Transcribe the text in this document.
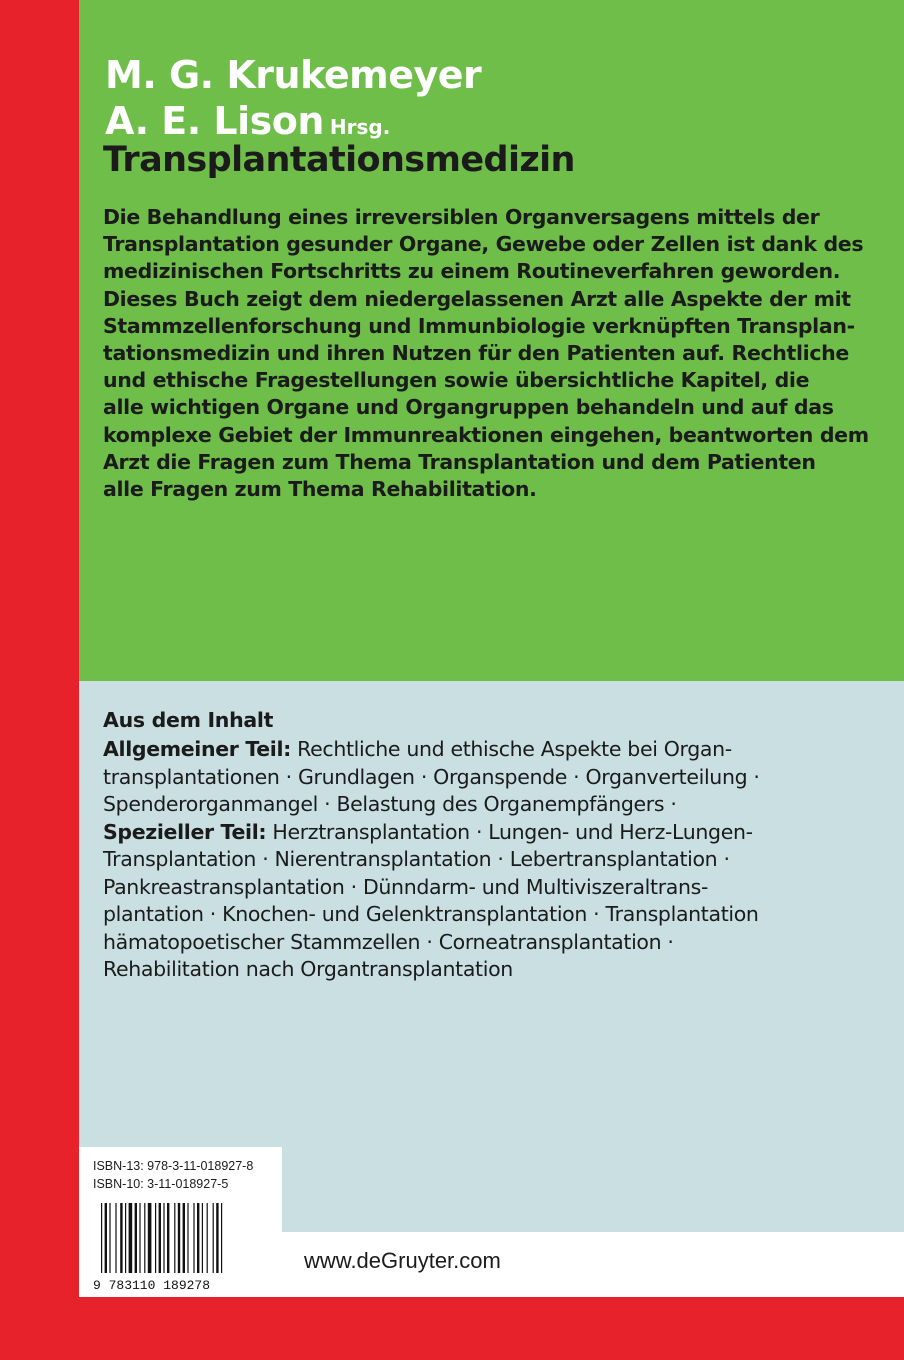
M. G. Krukemeyer
A. E. Lison Hrsg.
Transplantationsmedizin
Die Behandlung eines irreversiblen Organversagens mittels der
Transplantation gesunder Organe, Gewebe oder Zellen ist dank des
medizinischen Fortschritts zu einem Routineverfahren geworden.
Dieses Buch zeigt dem niedergelassenen Arzt alle Aspekte der mit
Stammzellenforschung und Immunbiologie verknüpften Transplan-
tationsmedizin und ihren Nutzen für den Patienten auf. Rechtliche
und ethische Fragestellungen sowie übersichtliche Kapitel, die
alle wichtigen Organe und Organgruppen behandeln und auf das
komplexe Gebiet der Immunreaktionen eingehen, beantworten dem
Arzt die Fragen zum Thema Transplantation und dem Patienten
alle Fragen zum Thema Rehabilitation.
Aus dem Inhalt
Allgemeiner Teil: Rechtliche und ethische Aspekte bei Organ-
transplantationen · Grundlagen · Organspende · Organverteilung ·
Spenderorganmangel · Belastung des Organempfängers ·
Spezieller Teil: Herztransplantation · Lungen- und Herz-Lungen-
Transplantation · Nierentransplantation · Lebertransplantation ·
Pankreastransplantation · Dünndarm- und Multiviszeraltrans-
plantation · Knochen- und Gelenktransplantation · Transplantation
hämatopoetischer Stammzellen · Corneatransplantation ·
Rehabilitation nach Organtransplantation
ISBN-13: 978-3-11-018927-8
ISBN-10: 3-11-018927-5
9 783110 189278
www.deGruyter.com
